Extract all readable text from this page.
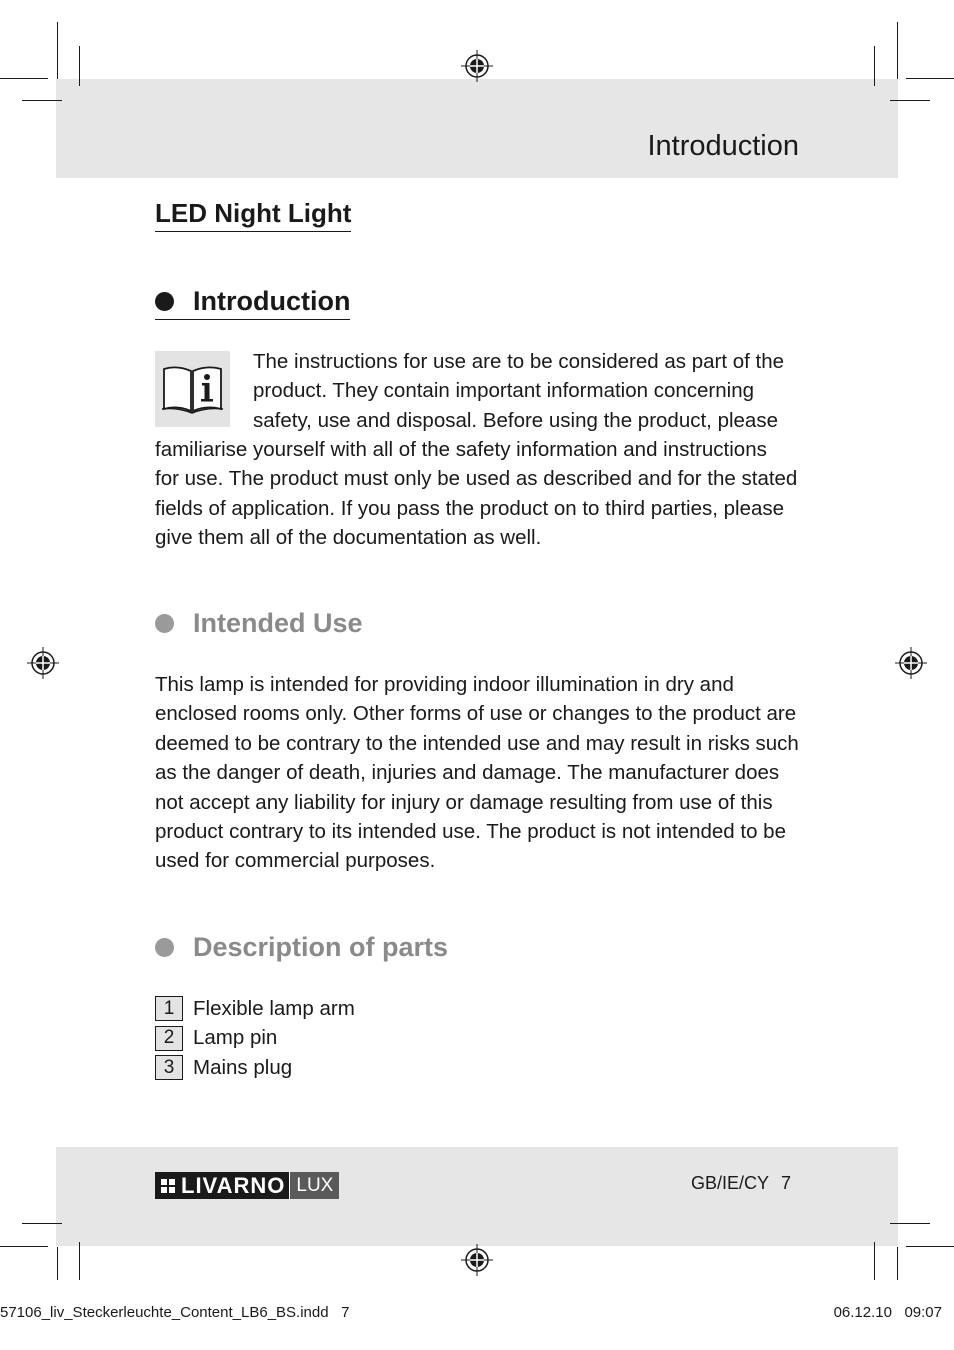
Introduction
LED Night Light
Introduction
The instructions for use are to be considered as part of the
product. They contain important information concerning
safety, use and disposal. Before using the product, please
familiarise yourself with all of the safety information and instructions
for use. The product must only be used as described and for the stated
fields of application. If you pass the product on to third parties, please
give them all of the documentation as well.
Intended Use
This lamp is intended for providing indoor illumination in dry and
enclosed rooms only. Other forms of use or changes to the product are
deemed to be contrary to the intended use and may result in risks such
as the danger of death, injuries and damage. The manufacturer does
not accept any liability for injury or damage resulting from use of this
product contrary to its intended use. The product is not intended to be
used for commercial purposes.
Description of parts
1 Flexible lamp arm
2 Lamp pin
3 Mains plug
LIVARNO LUX	GB/IE/CY 7
57106_liv_Steckerleuchte_Content_LB6_BS.indd   7	06.12.10   09:07
